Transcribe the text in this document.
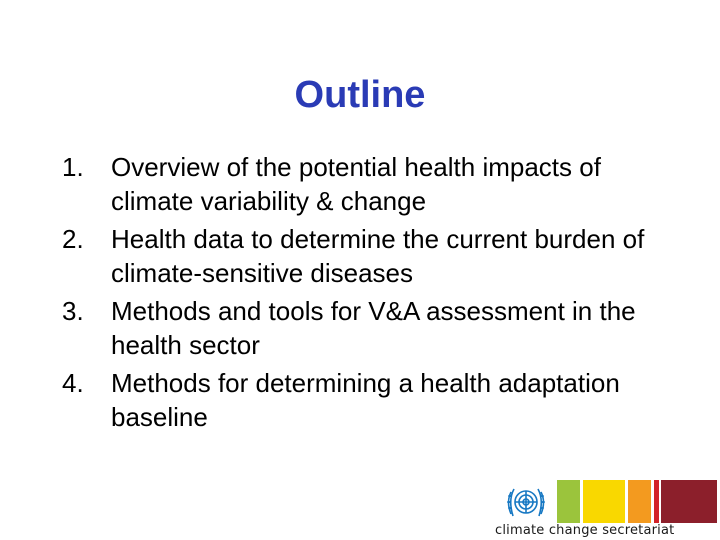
Outline
1. Overview of the potential health impacts of climate variability & change
2. Health data to determine the current burden of climate-sensitive diseases
3. Methods and tools for V&A assessment in the health sector
4. Methods for determining a health adaptation baseline
climate change secretariat
